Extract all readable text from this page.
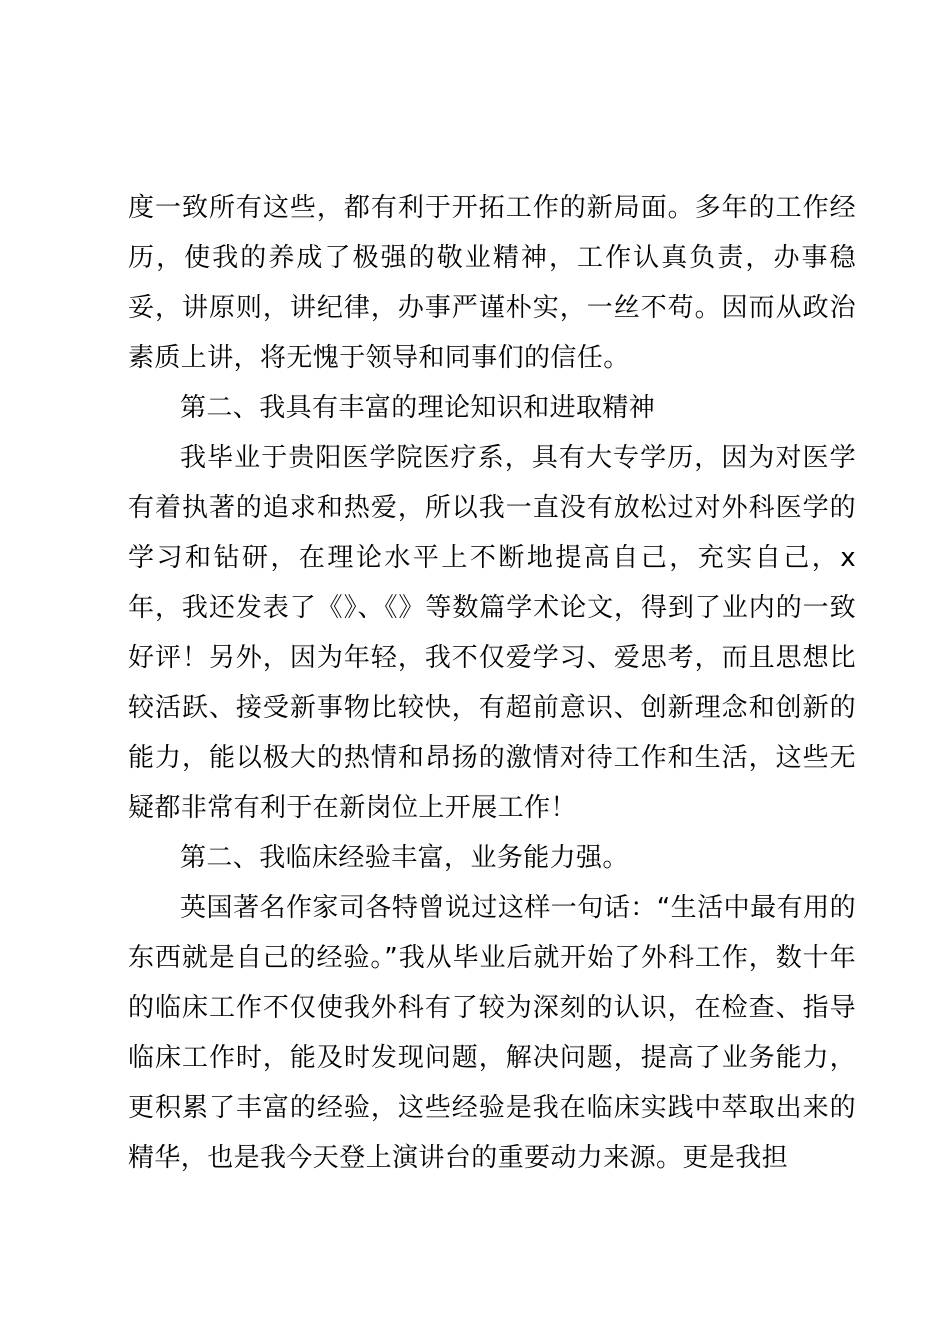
度一致所有这些，都有利于开拓工作的新局面。多年的工作经历，使我的养成了极强的敬业精神，工作认真负责，办事稳妥，讲原则，讲纪律，办事严谨朴实，一丝不苟。因而从政治素质上讲，将无愧于领导和同事们的信任。

第二、我具有丰富的理论知识和进取精神

我毕业于贵阳医学院医疗系，具有大专学历，因为对医学有着执著的追求和热爱，所以我一直没有放松过对外科医学的学习和钻研，在理论水平上不断地提高自己，充实自己，x年，我还发表了《》、《》等数篇学术论文，得到了业内的一致好评！另外，因为年轻，我不仅爱学习、爱思考，而且思想比较活跃、接受新事物比较快，有超前意识、创新理念和创新的能力，能以极大的热情和昂扬的激情对待工作和生活，这些无疑都非常有利于在新岗位上开展工作！

第二、我临床经验丰富，业务能力强。

英国著名作家司各特曾说过这样一句话：“生活中最有用的东西就是自己的经验。”我从毕业后就开始了外科工作，数十年的临床工作不仅使我外科有了较为深刻的认识，在检查、指导临床工作时，能及时发现问题，解决问题，提高了业务能力，更积累了丰富的经验，这些经验是我在临床实践中萃取出来的精华，也是我今天登上演讲台的重要动力来源。更是我担
